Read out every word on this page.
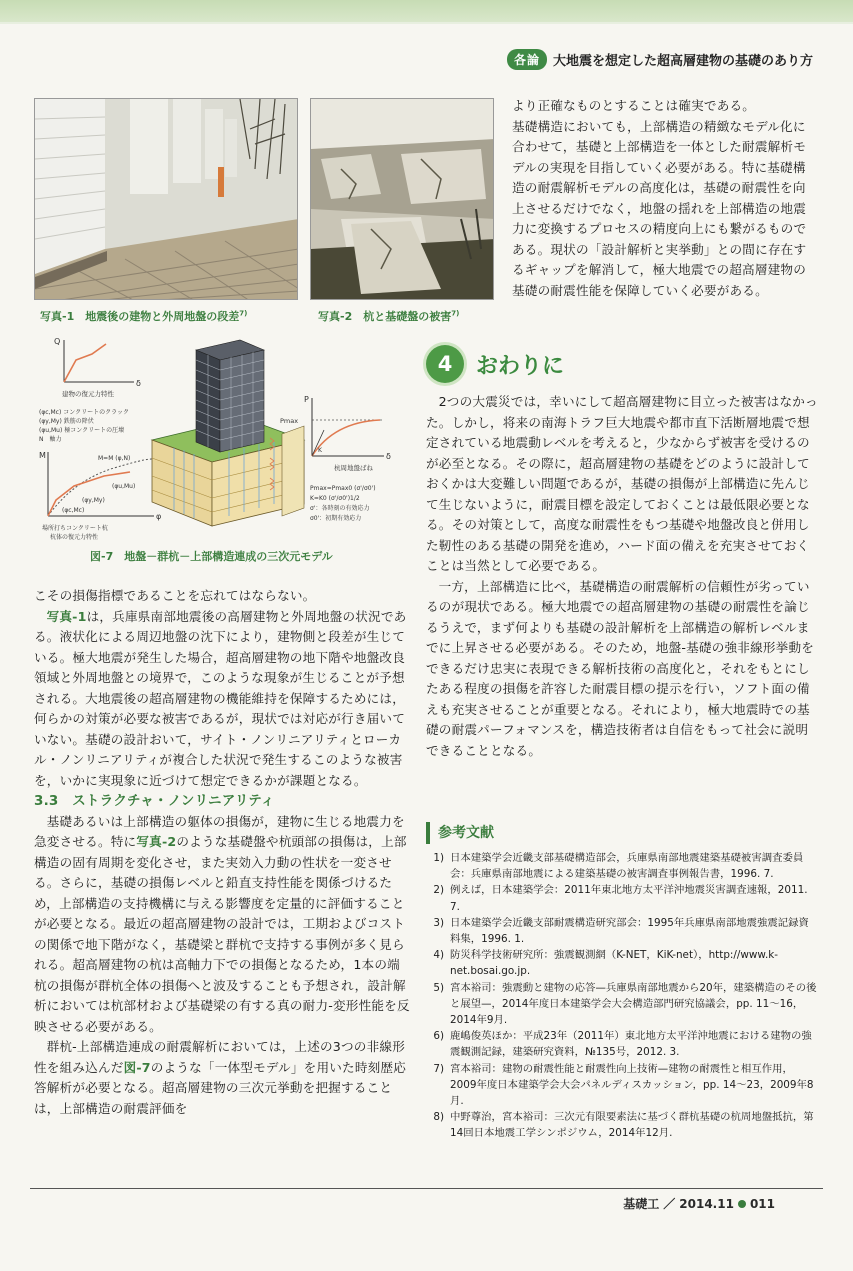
各論	大地震を想定した超高層建物の基礎のあり方
写真-1　地震後の建物と外周地盤の段差$^{7)}$	写真-2　杭と基礎盤の被害$^{7)}$
Q
δ
建物の復元力特性
(φc,Mc) コンクリートのクラック
(φy,My) 鉄筋の降伏
(φu,Mu) 極コンクリートの圧壊
N　軸力
M
φ
M=M (φ,N)
(φu,Mu)
(φy,My)
(φc,Mc)
場所打ちコンクリート杭
杭体の復元力特性
P
δ
Pmax
K
杭周地盤ばね
Pmax=Pmax0 (σ'/σ0')
K=K0 (σ'/σ0')1/2
σ'：各時刻の有効応力
σ0'：初期有効応力
図-7　地盤－群杭－上部構造連成の三次元モデル

より正確なものとすることは確実である。

基礎構造においても，上部構造の精緻なモデル化に合わせて，基礎と上部構造を一体とした耐震解析モデルの実現を目指していく必要がある。特に基礎構造の耐震解析モデルの高度化は，基礎の耐震性を向上させるだけでなく，地盤の揺れを上部構造の地震力に変換するプロセスの精度向上にも繋がるものである。現状の「設計解析と実挙動」との間に存在するギャップを解消して，極大地震での超高層建物の基礎の耐震性能を保障していく必要がある。

4	おわりに

2つの大震災では，幸いにして超高層建物に目立った被害はなかった。しかし，将来の南海トラフ巨大地震や都市直下活断層地震で想定されている地震動レベルを考えると，少なからず被害を受けるのが必至となる。その際に，超高層建物の基礎をどのように設計しておくかは大変難しい問題であるが，基礎の損傷が上部構造に先んじて生じないように，耐震目標を設定しておくことは最低限必要となる。その対策として，高度な耐震性をもつ基礎や地盤改良と併用した靭性のある基礎の開発を進め，ハード面の備えを充実させておくことは当然として必要である。

一方，上部構造に比べ，基礎構造の耐震解析の信頼性が劣っているのが現状である。極大地震での超高層建物の基礎の耐震性を論じるうえで，まず何よりも基礎の設計解析を上部構造の解析レベルまでに上昇させる必要がある。そのため，地盤-基礎の強非線形挙動をできるだけ忠実に表現できる解析技術の高度化と，それをもとにしたある程度の損傷を許容した耐震目標の提示を行い，ソフト面の備えも充実させることが重要となる。それにより，極大地震時での基礎の耐震パーフォマンスを，構造技術者は自信をもって社会に説明できることとなる。

こその損傷指標であることを忘れてはならない。

写真-1は，兵庫県南部地震後の高層建物と外周地盤の状況である。液状化による周辺地盤の沈下により，建物側と段差が生じている。極大地震が発生した場合，超高層建物の地下階や地盤改良領域と外周地盤との境界で，このような現象が生じることが予想される。大地震後の超高層建物の機能維持を保障するためには，何らかの対策が必要な被害であるが，現状では対応が行き届いていない。基礎の設計おいて，サイト・ノンリニアリティとローカル・ノンリニアリティが複合した状況で発生するこのような被害を，いかに実現象に近づけて想定できるかが課題となる。

3.3　ストラクチャ・ノンリニアリティ

基礎あるいは上部構造の躯体の損傷が，建物に生じる地震力を急変させる。特に写真-2のような基礎盤や杭頭部の損傷は，上部構造の固有周期を変化させ，また実効入力動の性状を一変させる。さらに，基礎の損傷レベルと鉛直支持性能を関係づけるため，上部構造の支持機構に与える影響度を定量的に評価することが必要となる。最近の超高層建物の設計では，工期およびコストの関係で地下階がなく，基礎梁と群杭で支持する事例が多く見られる。超高層建物の杭は高軸力下での損傷となるため，1本の端杭の損傷が群杭全体の損傷へと波及することも予想され，設計解析においては杭部材および基礎梁の有する真の耐力-変形性能を反映させる必要がある。

群杭-上部構造連成の耐震解析においては，上述の3つの非線形性を組み込んだ図-7のような「一体型モデル」を用いた時刻歴応答解析が必要となる。超高層建物の三次元挙動を把握することは，上部構造の耐震評価を

参考文献
1) 日本建築学会近畿支部基礎構造部会，兵庫県南部地震建築基礎被害調査委員会：兵庫県南部地震による建築基礎の被害調査事例報告書，1996. 7.
2) 例えば，日本建築学会：2011年東北地方太平洋沖地震災害調査速報，2011. 7.
3) 日本建築学会近畿支部耐震構造研究部会：1995年兵庫県南部地震強震記録資料集，1996. 1.
4) 防災科学技術研究所：強震観測網（K-NET，KiK-net），http://www.k-net.bosai.go.jp.
5) 宮本裕司：強震動と建物の応答—兵庫県南部地震から20年，建築構造のその後と展望—，2014年度日本建築学会大会構造部門研究協議会，pp. 11～16，2014年9月.
6) 鹿嶋俊英ほか：平成23年（2011年）東北地方太平洋沖地震における建物の強震観測記録，建築研究資料，№135号，2012. 3.
7) 宮本裕司：建物の耐震性能と耐震性向上技術—建物の耐震性と相互作用，2009年度日本建築学会大会パネルディスカッション，pp. 14～23，2009年8月.
8) 中野尊治，宮本裕司：三次元有限要素法に基づく群杭基礎の杭周地盤抵抗，第14回日本地震工学シンポジウム，2014年12月.
基礎工 ／ 2014.11 011
